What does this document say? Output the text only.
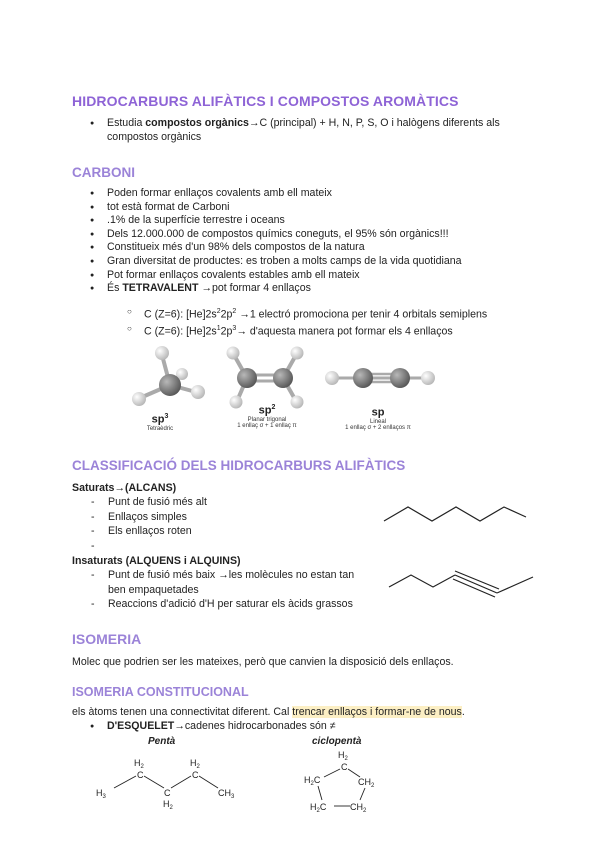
HIDROCARBURS ALIFÀTICS I COMPOSTOS AROMÀTICS
● Estudia compostos orgànics→C (principal) + H, N, P, S, O i halògens diferents als
compostos orgànics
CARBONI
● Poden formar enllaços covalents amb ell mateix
● tot està format de Carboni
● .1% de la superfície terrestre i oceans
● Dels 12.000.000 de compostos químics coneguts, el 95% són orgànics!!!
● Constitueix més d'un 98% dels compostos de la natura
● Gran diversitat de productes: es troben a molts camps de la vida quotidiana
● Pot formar enllaços covalents estables amb ell mateix
● És TETRAVALENT →pot formar 4 enllaços
○ C (Z=6): $[He]2s^22p^2 \to 1$ electró promociona per tenir 4 orbitals semiplens
○ C (Z=6): $[He]2s^12p^3\to$ d'aquesta manera pot formar els 4 enllaços
$sp^3$
Tetraèdric
$sp^2$
Planar trigonal
1 enllaç σ + 1 enllaç π
sp
Lineal
1 enllaç σ + 2 enllaços π
CLASSIFICACIÓ DELS HIDROCARBURS ALIFÀTICS
Saturats→(ALCANS)
- Punt de fusió més alt
- Enllaços simples
- Els enllaços roten
Insaturats (ALQUENS i ALQUINS)
- Punt de fusió més baix →les molècules no estan tan
ben empaquetades
- Reaccions d'adició d'H per saturar els àcids grassos
ISOMERIA
Molec que podrien ser les mateixes, però que canvien la disposició dels enllaços.
ISOMERIA CONSTITUCIONAL
els àtoms tenen una connectivitat diferent. Cal trencar enllaços i formar-ne de nous.
● D'ESQUELET→cadenes hidrocarbonades són ≠
Pentà	ciclopentà
$H_3$
$H_2$
C
C
$H_2$
$H_2$
C
$CH_3$
$H_2$
C
$H_2C$	$CH_2$
$H_2C$	$CH_2$
